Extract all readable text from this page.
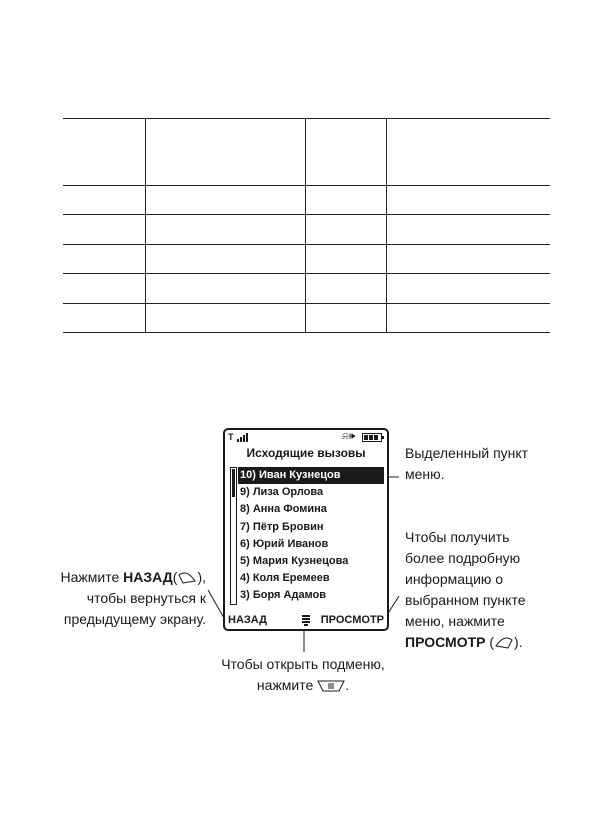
T	⍾🕪
Исходящие вызовы
10) Иван Кузнецов
9) Лиза Орлова
8) Анна Фомина
7) Пётр Бровин
6) Юрий Иванов
5) Мария Кузнецова
4) Коля Еремеев
3) Боря Адамов
НАЗАД	ПРОСМОТР
Выделенный пункт
меню.
Чтобы получить
более подробную
информацию о
выбранном пункте
меню, нажмите
ПРОСМОТР ( ).
Нажмите НАЗАД( ),
чтобы вернуться к
предыдущему экрану.
Чтобы открыть подменю,
нажмите .
